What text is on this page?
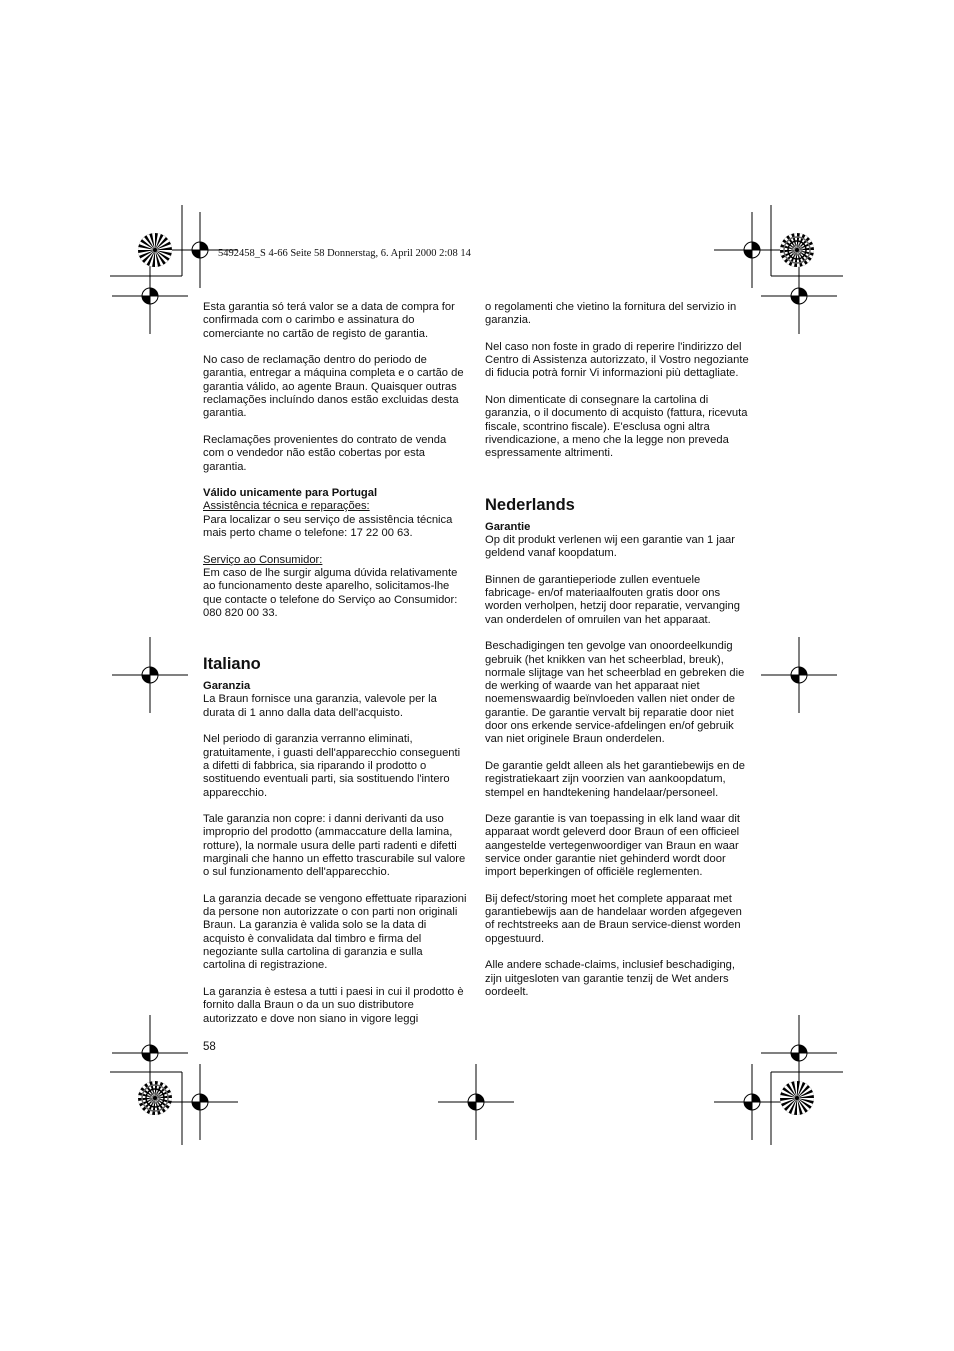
5492458_S 4-66 Seite 58 Donnerstag, 6. April 2000 2:08 14

Esta garantia só terá valor se a data de compra for confirmada com o carimbo e assinatura do comerciante no cartão de registo de garantia.

No caso de reclamação dentro do periodo de garantia, entregar a máquina completa e o cartão de garantia válido, ao agente Braun. Quaisquer outras reclamações incluíndo danos estão excluidas desta garantia.

Reclamações provenientes do contrato de venda com o vendedor não estão cobertas por esta garantia.

Válido unicamente para Portugal
Assistência técnica e reparações:

Para localizar o seu serviço de assistência técnica mais perto chame o telefone: 17 22 00 63.

Serviço ao Consumidor:

Em caso de lhe surgir alguma dúvida relativamente ao funcionamento deste aparelho, solicitamos-lhe que contacte o telefone do Serviço ao Consumidor: 080 820 00 33.

Italiano
Garanzia

La Braun fornisce una garanzia, valevole per la durata di 1 anno dalla data dell'acquisto.

Nel periodo di garanzia verranno eliminati, gratuitamente, i guasti dell'apparecchio conseguenti a difetti di fabbrica, sia riparando il prodotto o sostituendo eventuali parti, sia sostituendo l'intero apparecchio.

Tale garanzia non copre: i danni derivanti da uso improprio del prodotto (ammaccature della lamina, rotture), la normale usura delle parti radenti e difetti marginali che hanno un effetto trascurabile sul valore o sul funzionamento dell'apparecchio.

La garanzia decade se vengono effettuate riparazioni da persone non autorizzate o con parti non originali Braun. La garanzia è valida solo se la data di acquisto è convalidata dal timbro e firma del negoziante sulla cartolina di garanzia e sulla cartolina di registrazione.

La garanzia è estesa a tutti i paesi in cui il prodotto è fornito dalla Braun o da un suo distributore autorizzato e dove non siano in vigore leggi

o regolamenti che vietino la fornitura del servizio in garanzia.

Nel caso non foste in grado di reperire l'indirizzo del Centro di Assistenza autorizzato, il Vostro negoziante di fiducia potrà fornir Vi informazioni più dettagliate.

Non dimenticate di consegnare la cartolina di garanzia, o il documento di acquisto (fattura, ricevuta fiscale, scontrino fiscale). E'esclusa ogni altra rivendicazione, a meno che la legge non preveda espressamente altrimenti.

Nederlands
Garantie

Op dit produkt verlenen wij een garantie van 1 jaar geldend vanaf koopdatum.

Binnen de garantieperiode zullen eventuele fabricage- en/of materiaalfouten gratis door ons worden verholpen, hetzij door reparatie, vervanging van onderdelen of omruilen van het apparaat.

Beschadigingen ten gevolge van onoordeelkundig gebruik (het knikken van het scheerblad, breuk), normale slijtage van het scheerblad en gebreken die de werking of waarde van het apparaat niet noemenswaardig beïnvloeden vallen niet onder de garantie. De garantie vervalt bij reparatie door niet door ons erkende service-afdelingen en/of gebruik van niet originele Braun onderdelen.

De garantie geldt alleen als het garantiebewijs en de registratiekaart zijn voorzien van aankoopdatum, stempel en handtekening handelaar/personeel.

Deze garantie is van toepassing in elk land waar dit apparaat wordt geleverd door Braun of een officieel aangestelde vertegenwoordiger van Braun en waar service onder garantie niet gehinderd wordt door import beperkingen of officiële reglementen.

Bij defect/storing moet het complete apparaat met garantiebewijs aan de handelaar worden afgegeven of rechtstreeks aan de Braun service-dienst worden opgestuurd.

Alle andere schade-claims, inclusief beschadiging, zijn uitgesloten van garantie tenzij de Wet anders oordeelt.

58
